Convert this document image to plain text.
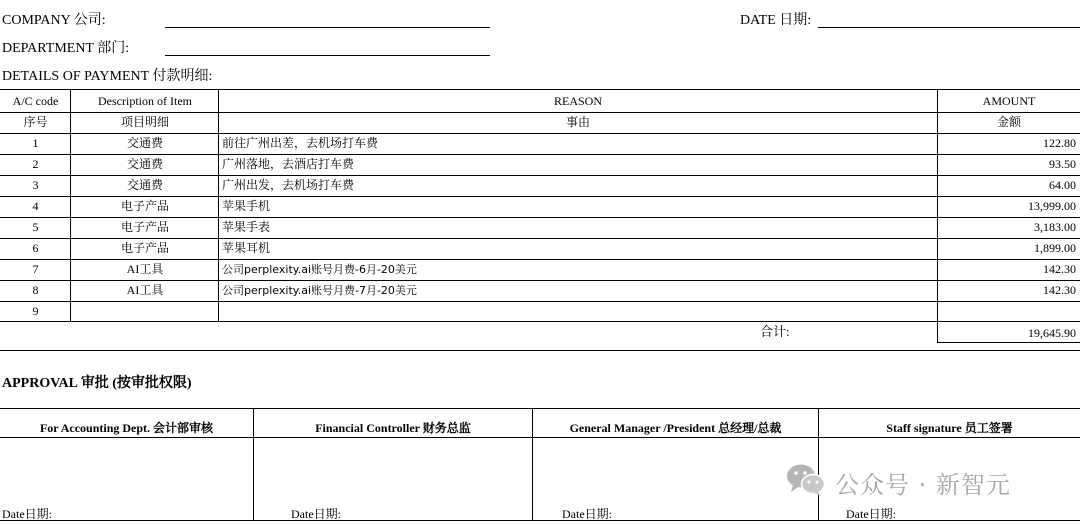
COMPANY 公司:	DATE 日期:
DEPARTMENT 部门:
DETAILS OF PAYMENT 付款明细:
A/C code	Description of Item	REASON	AMOUNT
序号	项目明细	事由	金额
1	交通费	前往广州出差，去机场打车费	122.80
2	交通费	广州落地，去酒店打车费	93.50
3	交通费	广州出发，去机场打车费	64.00
4	电子产品	苹果手机	13,999.00
5	电子产品	苹果手表	3,183.00
6	电子产品	苹果耳机	1,899.00
7	AI工具	公司perplexity.ai账号月费-6月-20美元	142.30
8	AI工具	公司perplexity.ai账号月费-7月-20美元	142.30
9
合计:	19,645.90
APPROVAL 审批 (按审批权限)
For Accounting Dept. 会计部审核	Financial Controller 财务总监	General Manager /President 总经理/总裁	Staff signature 员工签署
Date日期:	Date日期:	Date日期:	Date日期:
公众号 · 新智元
